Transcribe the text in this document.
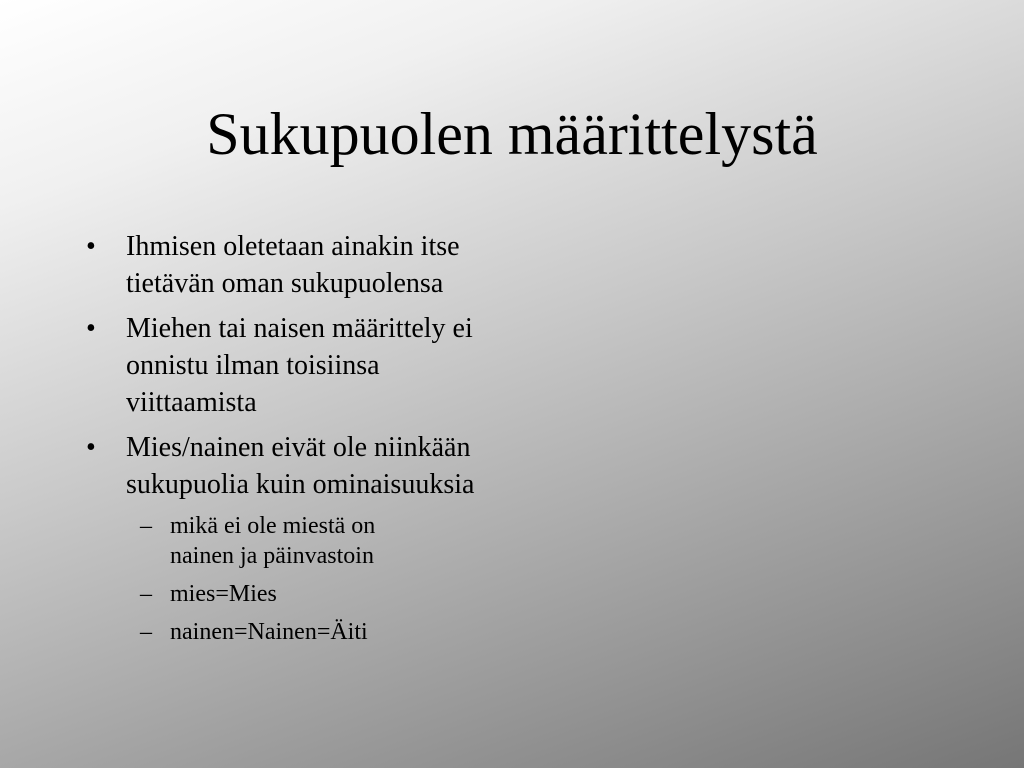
Sukupuolen määrittelystä
• Ihmisen oletetaan ainakin itse tietävän oman sukupuolensa
• Miehen tai naisen määrittely ei onnistu ilman toisiinsa viittaamista
• Mies/nainen eivät ole niinkään sukupuolia kuin ominaisuuksia
– mikä ei ole miestä on nainen ja päinvastoin
– mies=Mies
– nainen=Nainen=Äiti
